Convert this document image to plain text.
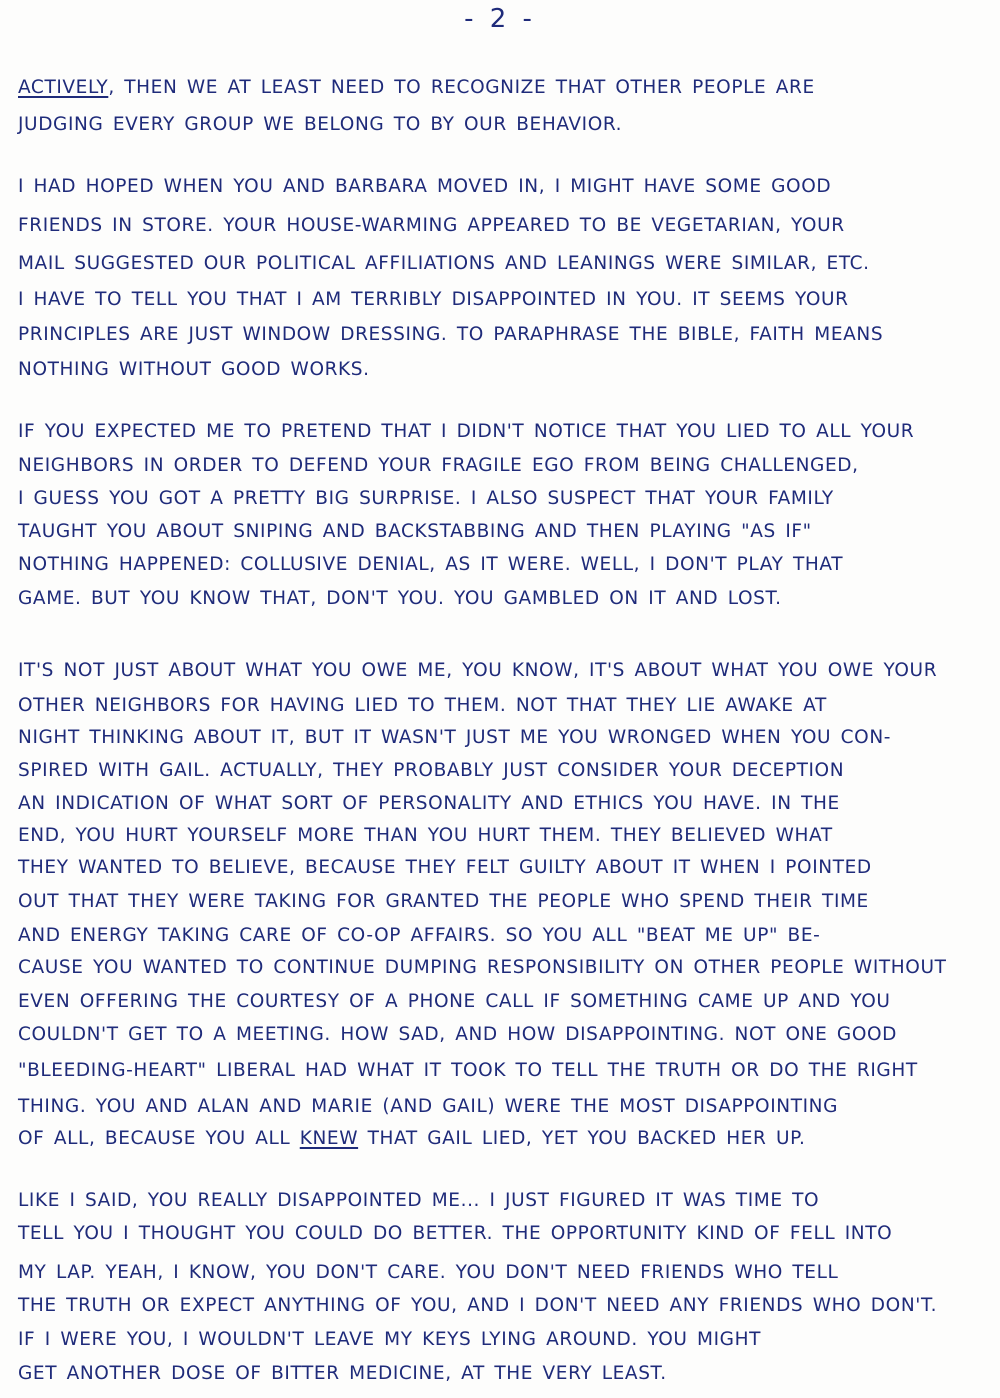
- 2 -
ACTIVELY, THEN WE AT LEAST NEED TO RECOGNIZE THAT OTHER PEOPLE ARE
JUDGING EVERY GROUP WE BELONG TO BY OUR BEHAVIOR.
I HAD HOPED WHEN YOU AND BARBARA MOVED IN, I MIGHT HAVE SOME GOOD
FRIENDS IN STORE. YOUR HOUSE-WARMING APPEARED TO BE VEGETARIAN, YOUR
MAIL SUGGESTED OUR POLITICAL AFFILIATIONS AND LEANINGS WERE SIMILAR, ETC.
I HAVE TO TELL YOU THAT I AM TERRIBLY DISAPPOINTED IN YOU. IT SEEMS YOUR
PRINCIPLES ARE JUST WINDOW DRESSING. TO PARAPHRASE THE BIBLE, FAITH MEANS
NOTHING WITHOUT GOOD WORKS.
IF YOU EXPECTED ME TO PRETEND THAT I DIDN'T NOTICE THAT YOU LIED TO ALL YOUR
NEIGHBORS IN ORDER TO DEFEND YOUR FRAGILE EGO FROM BEING CHALLENGED,
I GUESS YOU GOT A PRETTY BIG SURPRISE. I ALSO SUSPECT THAT YOUR FAMILY
TAUGHT YOU ABOUT SNIPING AND BACKSTABBING AND THEN PLAYING "AS IF"
NOTHING HAPPENED: COLLUSIVE DENIAL, AS IT WERE. WELL, I DON'T PLAY THAT
GAME. BUT YOU KNOW THAT, DON'T YOU. YOU GAMBLED ON IT AND LOST.
IT'S NOT JUST ABOUT WHAT YOU OWE ME, YOU KNOW, IT'S ABOUT WHAT YOU OWE YOUR
OTHER NEIGHBORS FOR HAVING LIED TO THEM. NOT THAT THEY LIE AWAKE AT
NIGHT THINKING ABOUT IT, BUT IT WASN'T JUST ME YOU WRONGED WHEN YOU CON-
SPIRED WITH GAIL. ACTUALLY, THEY PROBABLY JUST CONSIDER YOUR DECEPTION
AN INDICATION OF WHAT SORT OF PERSONALITY AND ETHICS YOU HAVE. IN THE
END, YOU HURT YOURSELF MORE THAN YOU HURT THEM. THEY BELIEVED WHAT
THEY WANTED TO BELIEVE, BECAUSE THEY FELT GUILTY ABOUT IT WHEN I POINTED
OUT THAT THEY WERE TAKING FOR GRANTED THE PEOPLE WHO SPEND THEIR TIME
AND ENERGY TAKING CARE OF CO-OP AFFAIRS. SO YOU ALL "BEAT ME UP" BE-
CAUSE YOU WANTED TO CONTINUE DUMPING RESPONSIBILITY ON OTHER PEOPLE WITHOUT
EVEN OFFERING THE COURTESY OF A PHONE CALL IF SOMETHING CAME UP AND YOU
COULDN'T GET TO A MEETING. HOW SAD, AND HOW DISAPPOINTING. NOT ONE GOOD
"BLEEDING-HEART" LIBERAL HAD WHAT IT TOOK TO TELL THE TRUTH OR DO THE RIGHT
THING. YOU AND ALAN AND MARIE (AND GAIL) WERE THE MOST DISAPPOINTING
OF ALL, BECAUSE YOU ALL KNEW THAT GAIL LIED, YET YOU BACKED HER UP.
LIKE I SAID, YOU REALLY DISAPPOINTED ME... I JUST FIGURED IT WAS TIME TO
TELL YOU I THOUGHT YOU COULD DO BETTER. THE OPPORTUNITY KIND OF FELL INTO
MY LAP. YEAH, I KNOW, YOU DON'T CARE. YOU DON'T NEED FRIENDS WHO TELL
THE TRUTH OR EXPECT ANYTHING OF YOU, AND I DON'T NEED ANY FRIENDS WHO DON'T.
IF I WERE YOU, I WOULDN'T LEAVE MY KEYS LYING AROUND. YOU MIGHT
GET ANOTHER DOSE OF BITTER MEDICINE, AT THE VERY LEAST.
